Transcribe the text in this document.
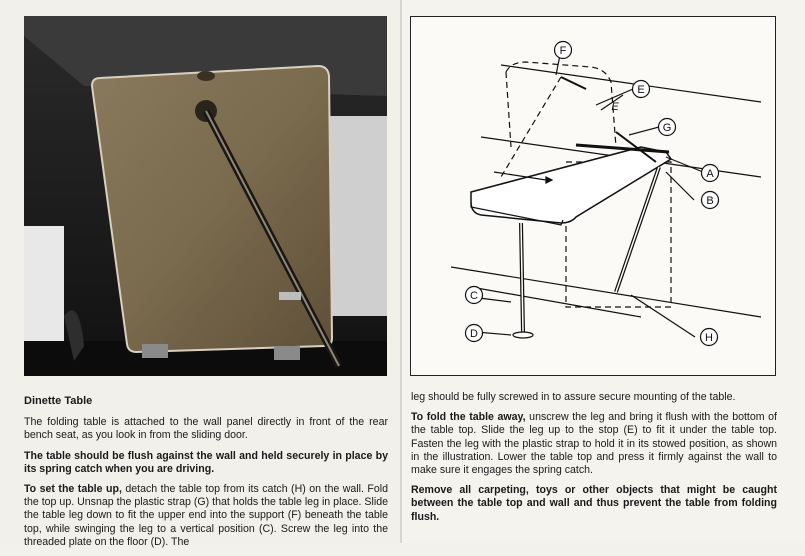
Dinette Table

The folding table is attached to the wall panel directly in front of the rear bench seat, as you look in from the sliding door.

The table should be flush against the wall and held securely in place by its spring catch when you are driving.

To set the table up, detach the table top from its catch (H) on the wall. Fold the top up. Unsnap the plastic strap (G) that holds the table leg in place. Slide the table leg down to fit the upper end into the support (F) beneath the table top, while swinging the leg to a vertical position (C). Screw the leg into the threaded plate on the floor (D). The

F
E
G
A
B
C
D	H
E

leg should be fully screwed in to assure secure mounting of the table.

To fold the table away, unscrew the leg and bring it flush with the bottom of the table top. Slide the leg up to the stop (E) to fit it under the table top. Fasten the leg with the plastic strap to hold it in its stowed position, as shown in the illustration. Lower the table top and press it firmly against the wall to make sure it engages the spring catch.

Remove all carpeting, toys or other objects that might be caught between the table top and wall and thus prevent the table from folding flush.
